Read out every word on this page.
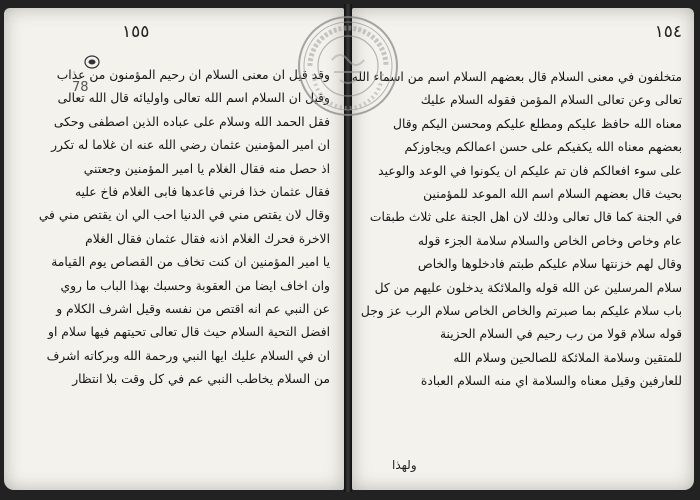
١٥٥
78
وقد قيل ان معنى السلام ان رحيم المؤمنون من عذاب
وقيل ان السلام اسم الله تعالى واوليائه قال الله تعالى
فقل الحمد الله وسلام على عباده الذين اصطفى وحكى
ان امير المؤمنين عثمان رضي الله عنه ان غلاما له تكرر
اذ حصل منه فقال الغلام يا امير المؤمنين وجعتني
فقال عثمان خذا فرني فاعدها فابى الغلام فاخ عليه
وقال لان يقتص مني في الدنيا احب الي ان يقتص مني في
الاخرة فحرك الغلام اذنه فقال عثمان فقال الغلام
يا امير المؤمنين ان كنت تخاف من القصاص يوم القيامة
وان اخاف ايضا من العقوبة وحسبك بهذا الباب ما روي
عن النبي عم انه اقتص من نفسه وقيل اشرف الكلام و
افضل التحية السلام حيث قال تعالى تحيتهم فيها سلام او
ان في السلام عليك ايها النبي ورحمة الله وبركاته اشرف
من السلام يخاطب النبي عم في كل وقت بلا انتظار
١٥٤
متخلفون في معنى السلام قال بعضهم السلام اسم من اسماء الله
تعالى وعن تعالى السلام المؤمن فقوله السلام عليك
معناه الله حافظ عليكم ومطلع عليكم ومحسن اليكم وقال
بعضهم معناه الله يكفيكم على حسن اعمالكم ويجاوزكم
على سوء افعالكم فان تم عليكم ان يكونوا في الوعد والوعيد
بحيث قال بعضهم السلام اسم الله الموعد للمؤمنين
في الجنة كما قال تعالى وذلك لان اهل الجنة على ثلاث طبقات
عام وخاص وخاص الخاص والسلام سلامة الجزء قوله
وقال لهم خزنتها سلام عليكم طبتم فادخلوها والخاص
سلام المرسلين عن الله قوله والملائكة يدخلون عليهم من كل
باب سلام عليكم بما صبرتم والخاص الخاص سلام الرب عز وجل
قوله سلام قولا من رب رحيم في السلام الحزينة
للمتقين وسلامة الملائكة للصالحين وسلام الله
للعارفين وقيل معناه والسلامة اي منه السلام العبادة
ولهذا
